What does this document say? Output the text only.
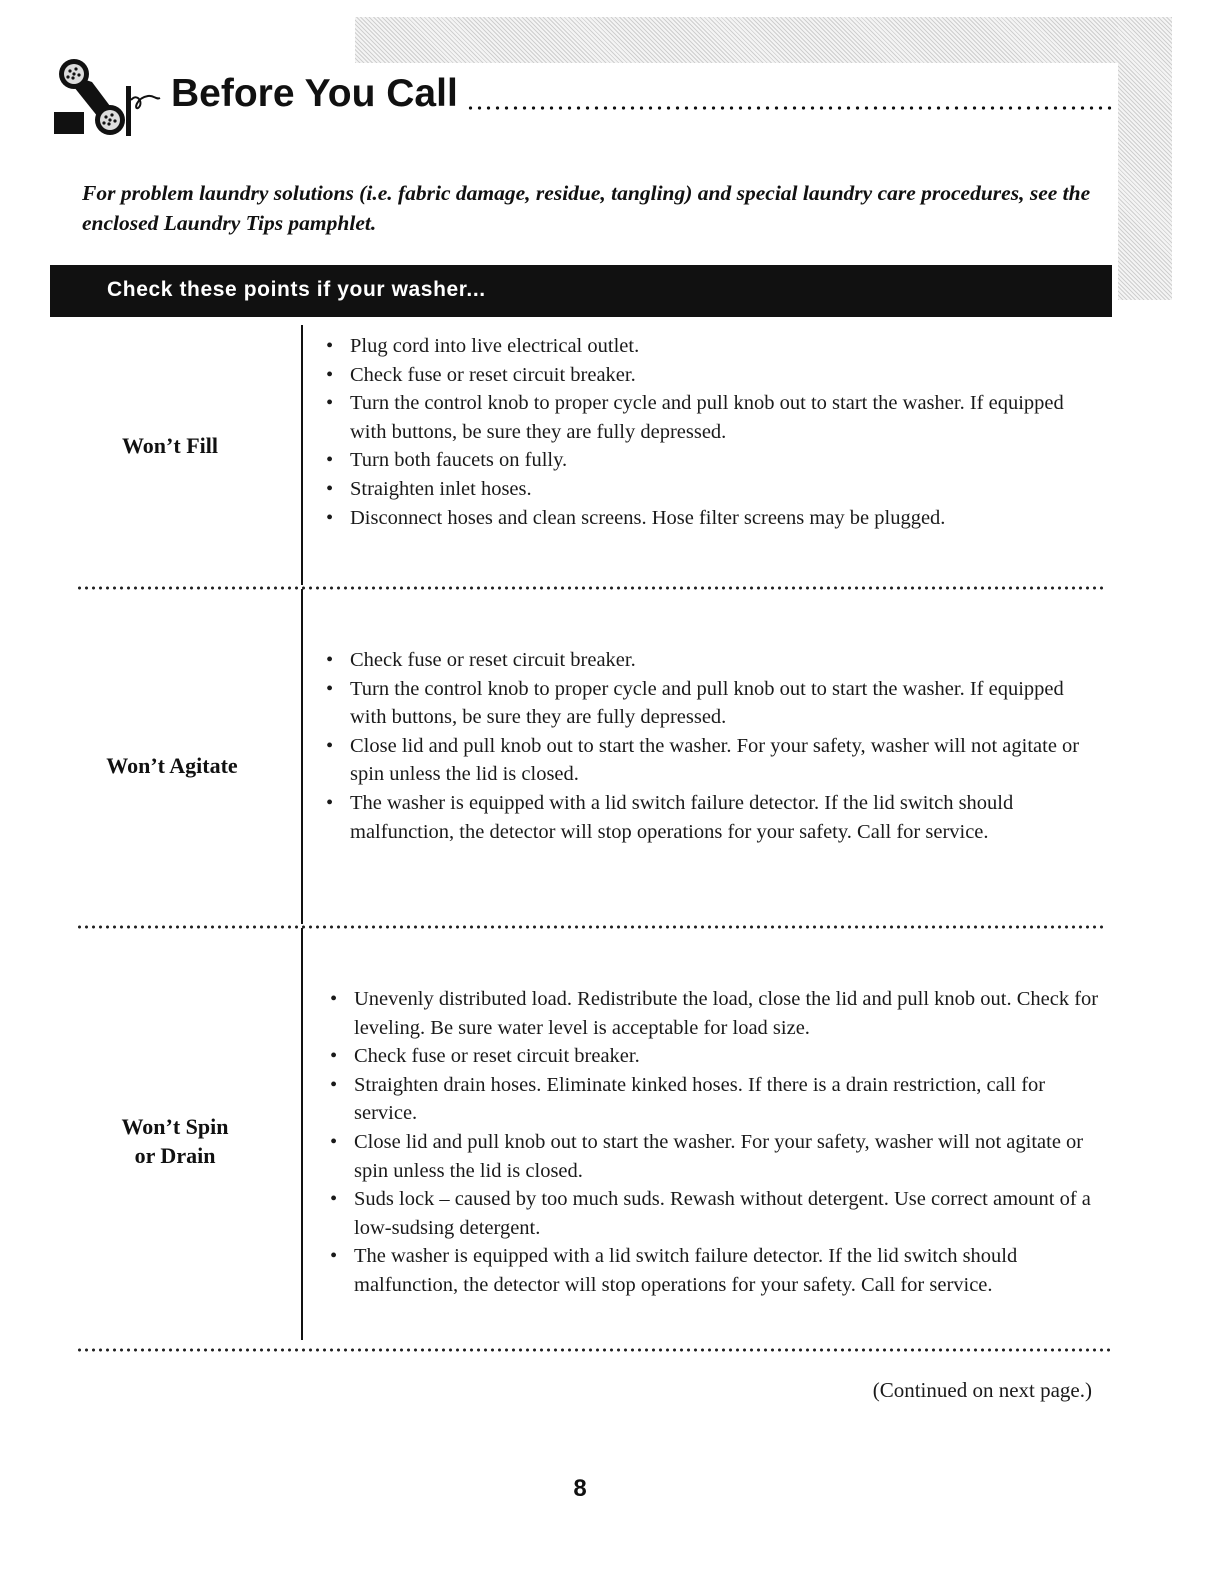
Before You Call
For problem laundry solutions (i.e. fabric damage, residue, tangling) and special laundry care procedures, see the enclosed Laundry Tips pamphlet.
Check these points if your washer...
Won’t Fill
• Plug cord into live electrical outlet.
• Check fuse or reset circuit breaker.
• Turn the control knob to proper cycle and pull knob out to start the washer. If equipped with buttons, be sure they are fully depressed.
• Turn both faucets on fully.
• Straighten inlet hoses.
• Disconnect hoses and clean screens. Hose filter screens may be plugged.
Won’t Agitate
• Check fuse or reset circuit breaker.
• Turn the control knob to proper cycle and pull knob out to start the washer. If equipped with buttons, be sure they are fully depressed.
• Close lid and pull knob out to start the washer. For your safety, washer will not agitate or spin unless the lid is closed.
• The washer is equipped with a lid switch failure detector. If the lid switch should malfunction, the detector will stop operations for your safety. Call for service.
Won’t Spin or Drain
• Unevenly distributed load. Redistribute the load, close the lid and pull knob out. Check for leveling. Be sure water level is acceptable for load size.
• Check fuse or reset circuit breaker.
• Straighten drain hoses. Eliminate kinked hoses. If there is a drain restriction, call for service.
• Close lid and pull knob out to start the washer. For your safety, washer will not agitate or spin unless the lid is closed.
• Suds lock – caused by too much suds. Rewash without detergent. Use correct amount of a low-sudsing detergent.
• The washer is equipped with a lid switch failure detector. If the lid switch should malfunction, the detector will stop operations for your safety. Call for service.
(Continued on next page.)
8
